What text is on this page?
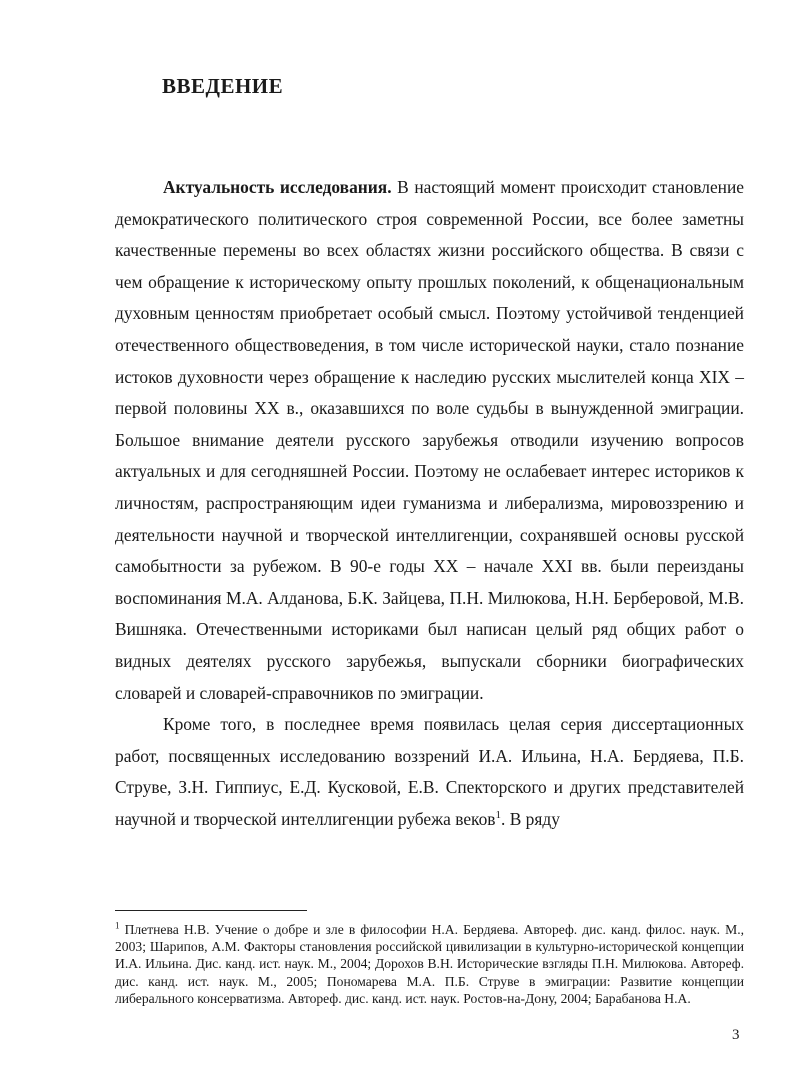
ВВЕДЕНИЕ

Актуальность исследования. В настоящий момент происходит становление демократического политического строя современной России, все более заметны качественные перемены во всех областях жизни российского общества. В связи с чем обращение к историческому опыту прошлых поколений, к общенациональным духовным ценностям приобретает особый смысл. Поэтому устойчивой тенденцией отечественного обществоведения, в том числе исторической науки, стало познание истоков духовности через обращение к наследию русских мыслителей конца XIX – первой половины XX в., оказавшихся по воле судьбы в вынужденной эмиграции. Большое внимание деятели русского зарубежья отводили изучению вопросов актуальных и для сегодняшней России. Поэтому не ослабевает интерес историков к личностям, распространяющим идеи гуманизма и либерализма, мировоззрению и деятельности научной и творческой интеллигенции, сохранявшей основы русской самобытности за рубежом. В 90-е годы XX – начале XXI вв. были переизданы воспоминания М.А. Алданова, Б.К. Зайцева, П.Н. Милюкова, Н.Н. Берберовой, М.В. Вишняка. Отечественными историками был написан целый ряд общих работ о видных деятелях русского зарубежья, выпускали сборники биографических словарей и словарей-справочников по эмиграции.

Кроме того, в последнее время появилась целая серия диссертационных работ, посвященных исследованию воззрений И.А. Ильина, Н.А. Бердяева, П.Б. Струве, З.Н. Гиппиус, Е.Д. Кусковой, Е.В. Спекторского и других представителей научной и творческой интеллигенции рубежа веков$^1$. В ряду

$^1$ Плетнева Н.В. Учение о добре и зле в философии Н.А. Бердяева. Автореф. дис. канд. филос. наук. М., 2003; Шарипов, А.М. Факторы становления российской цивилизации в культурно-исторической концепции И.А. Ильина. Дис. канд. ист. наук. М., 2004; Дорохов В.Н. Исторические взгляды П.Н. Милюкова. Автореф. дис. канд. ист. наук. М., 2005; Пономарева М.А. П.Б. Струве в эмиграции: Развитие концепции либерального консерватизма. Автореф. дис. канд. ист. наук. Ростов-на-Дону, 2004; Барабанова Н.А.

3
